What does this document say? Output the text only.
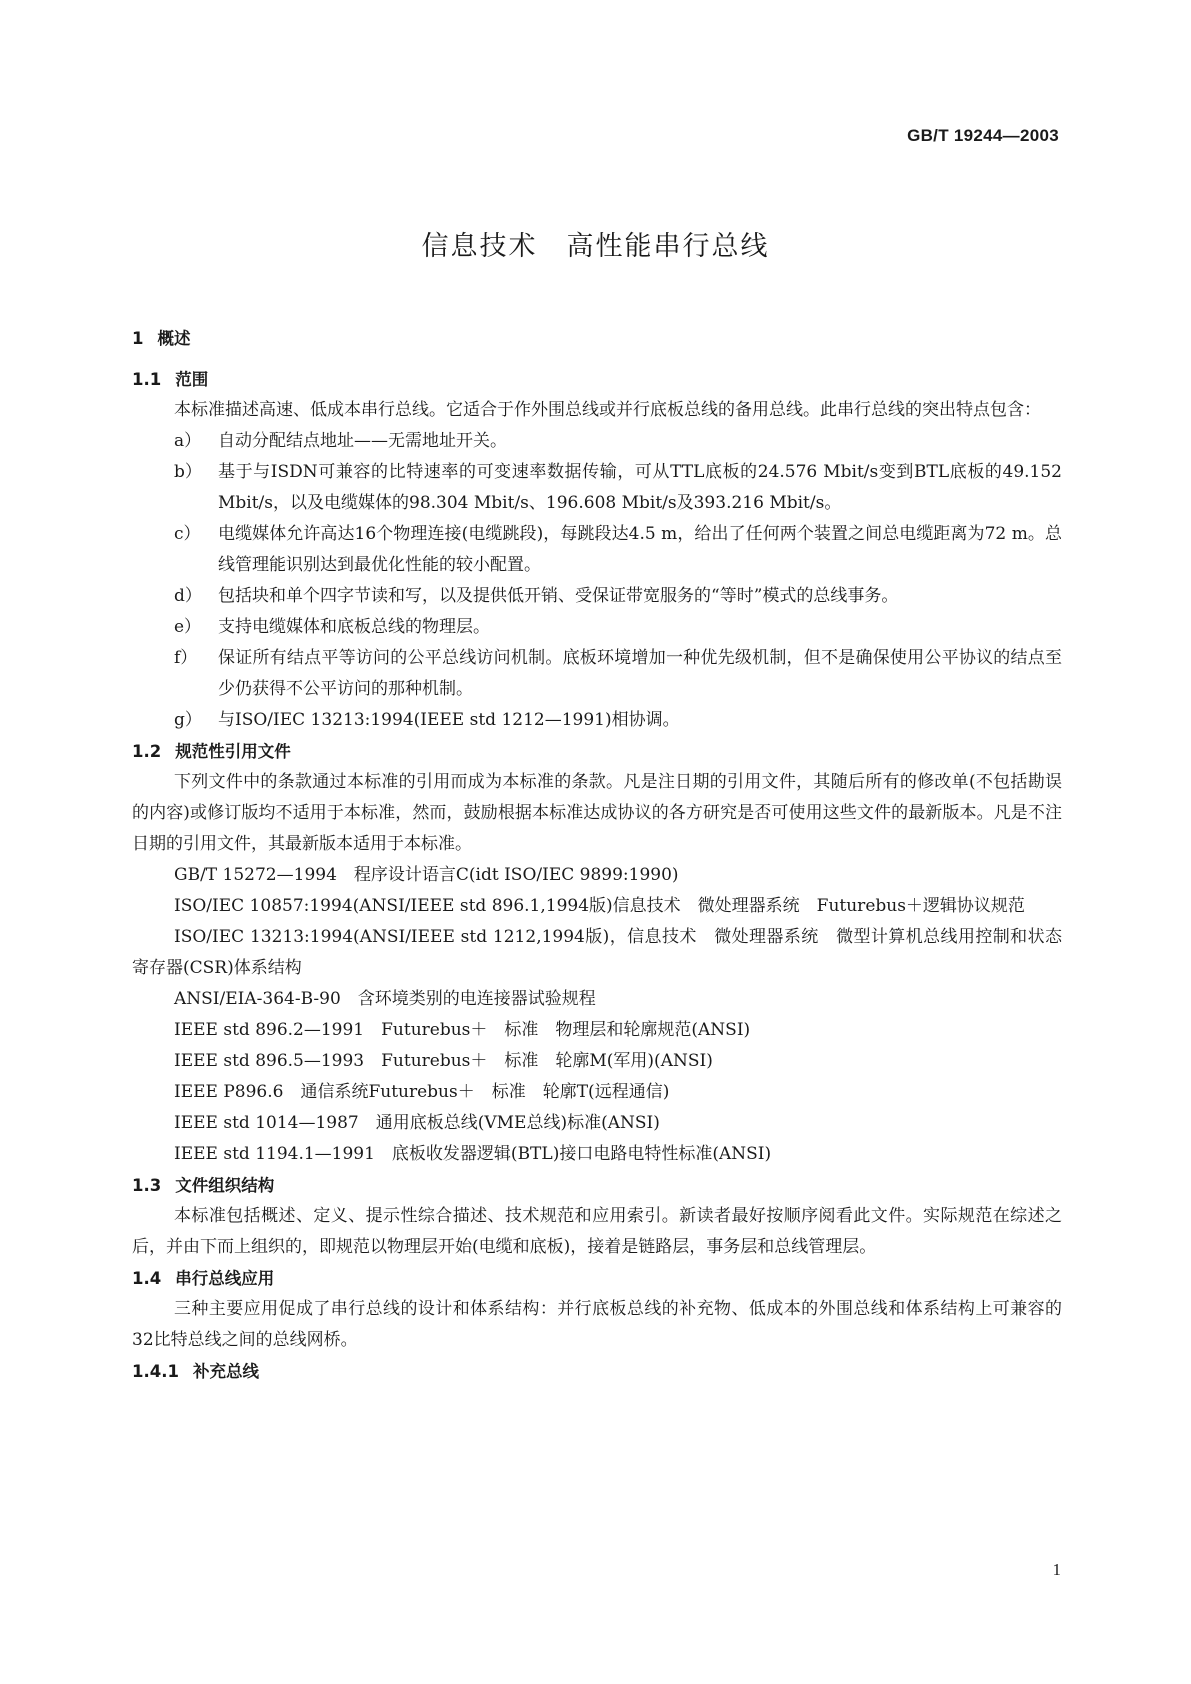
GB/T 19244—2003
信息技术　高性能串行总线
1 概述
1.1 范围
本标准描述高速、低成本串行总线。它适合于作外围总线或并行底板总线的备用总线。此串行总线的突出特点包含：
a） 自动分配结点地址——无需地址开关。
b） 基于与ISDN可兼容的比特速率的可变速率数据传输，可从TTL底板的24.576 Mbit/s变到BTL底板的49.152 Mbit/s，以及电缆媒体的98.304 Mbit/s、196.608 Mbit/s及393.216 Mbit/s。
c） 电缆媒体允许高达16个物理连接(电缆跳段)，每跳段达4.5 m，给出了任何两个装置之间总电缆距离为72 m。总线管理能识别达到最优化性能的较小配置。
d） 包括块和单个四字节读和写，以及提供低开销、受保证带宽服务的“等时”模式的总线事务。
e） 支持电缆媒体和底板总线的物理层。
f） 保证所有结点平等访问的公平总线访问机制。底板环境增加一种优先级机制，但不是确保使用公平协议的结点至少仍获得不公平访问的那种机制。
g） 与ISO/IEC 13213:1994(IEEE std 1212—1991)相协调。
1.2 规范性引用文件
下列文件中的条款通过本标准的引用而成为本标准的条款。凡是注日期的引用文件，其随后所有的修改单(不包括勘误的内容)或修订版均不适用于本标准，然而，鼓励根据本标准达成协议的各方研究是否可使用这些文件的最新版本。凡是不注日期的引用文件，其最新版本适用于本标准。
GB/T 15272—1994　程序设计语言C(idt ISO/IEC 9899:1990)
ISO/IEC 10857:1994(ANSI/IEEE std 896.1,1994版)信息技术　微处理器系统　Futurebus＋逻辑协议规范
ISO/IEC 13213:1994(ANSI/IEEE std 1212,1994版)，信息技术　微处理器系统　微型计算机总线用控制和状态寄存器(CSR)体系结构
ANSI/EIA-364-B-90　含环境类别的电连接器试验规程
IEEE std 896.2—1991　Futurebus＋　标准　物理层和轮廓规范(ANSI)
IEEE std 896.5—1993　Futurebus＋　标准　轮廓M(军用)(ANSI)
IEEE P896.6　通信系统Futurebus＋　标准　轮廓T(远程通信)
IEEE std 1014—1987　通用底板总线(VME总线)标准(ANSI)
IEEE std 1194.1—1991　底板收发器逻辑(BTL)接口电路电特性标准(ANSI)
1.3 文件组织结构
本标准包括概述、定义、提示性综合描述、技术规范和应用索引。新读者最好按顺序阅看此文件。实际规范在综述之后，并由下而上组织的，即规范以物理层开始(电缆和底板)，接着是链路层，事务层和总线管理层。
1.4 串行总线应用
三种主要应用促成了串行总线的设计和体系结构：并行底板总线的补充物、低成本的外围总线和体系结构上可兼容的32比特总线之间的总线网桥。
1.4.1 补充总线
1
